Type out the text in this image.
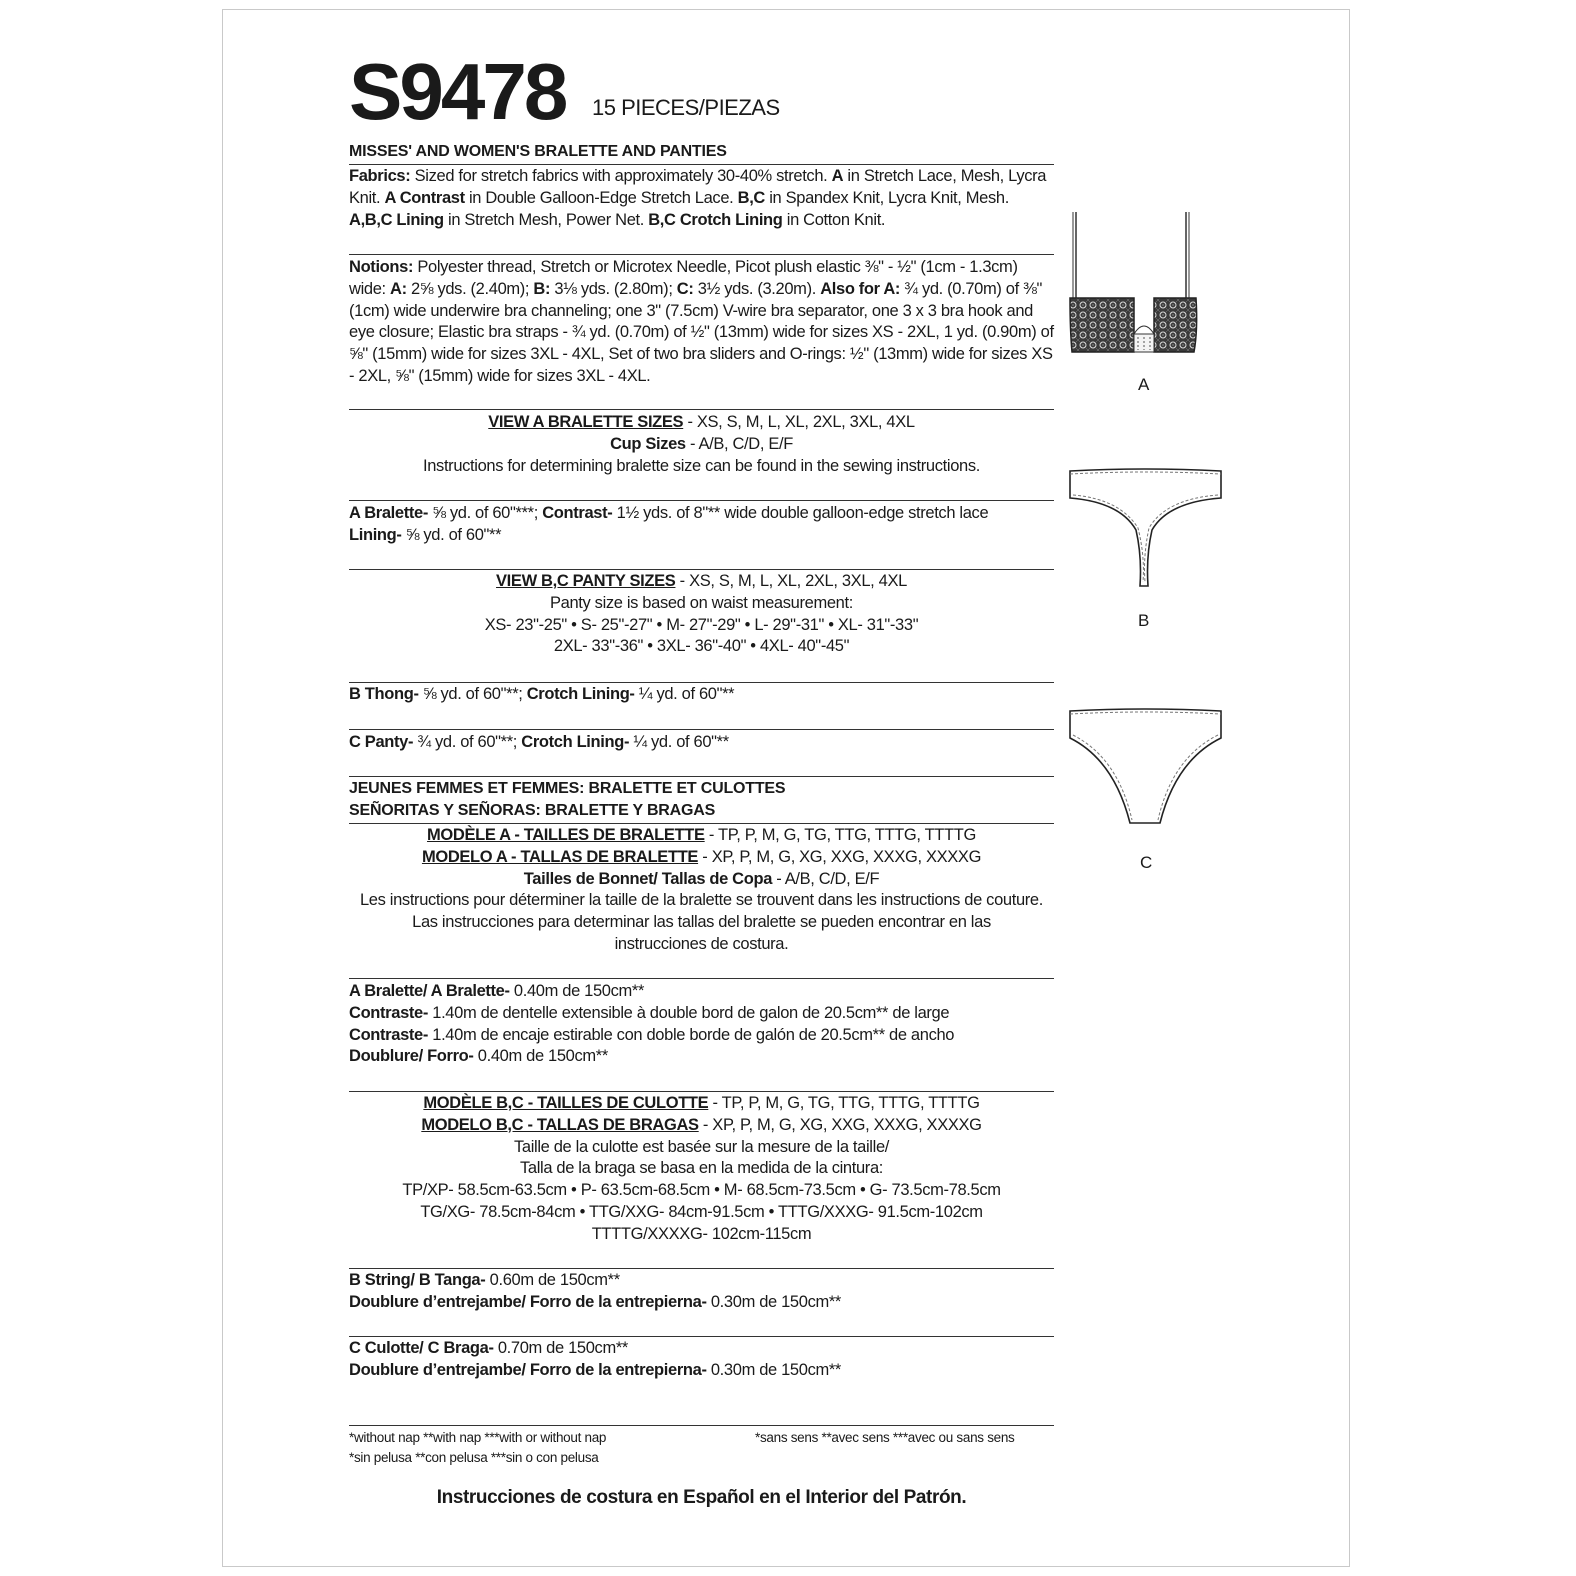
S9478 15 PIECES/PIEZAS
MISSES' AND WOMEN'S BRALETTE AND PANTIES
Fabrics: Sized for stretch fabrics with approximately 30-40% stretch. A in Stretch Lace, Mesh, Lycra Knit. A Contrast in Double Galloon-Edge Stretch Lace. B,C in Spandex Knit, Lycra Knit, Mesh. A,B,C Lining in Stretch Mesh, Power Net. B,C Crotch Lining in Cotton Knit.
Notions: Polyester thread, Stretch or Microtex Needle, Picot plush elastic ⅜" - ½" (1cm - 1.3cm) wide: A: 2⅝ yds. (2.40m); B: 3⅛ yds. (2.80m); C: 3½ yds. (3.20m). Also for A: ¾ yd. (0.70m) of ⅜" (1cm) wide underwire bra channeling; one 3" (7.5cm) V-wire bra separator, one 3 x 3 bra hook and eye closure; Elastic bra straps - ¾ yd. (0.70m) of ½" (13mm) wide for sizes XS - 2XL, 1 yd. (0.90m) of ⅝" (15mm) wide for sizes 3XL - 4XL, Set of two bra sliders and O-rings: ½" (13mm) wide for sizes XS - 2XL, ⅝" (15mm) wide for sizes 3XL - 4XL.
VIEW A BRALETTE SIZES - XS, S, M, L, XL, 2XL, 3XL, 4XL
Cup Sizes - A/B, C/D, E/F
Instructions for determining bralette size can be found in the sewing instructions.
A Bralette- ⅝ yd. of 60"***; Contrast- 1½ yds. of 8"** wide double galloon-edge stretch lace
Lining- ⅝ yd. of 60"**
VIEW B,C PANTY SIZES - XS, S, M, L, XL, 2XL, 3XL, 4XL
Panty size is based on waist measurement:
XS- 23"-25" • S- 25"-27" • M- 27"-29" • L- 29"-31" • XL- 31"-33"
2XL- 33"-36" • 3XL- 36"-40" • 4XL- 40"-45"
B Thong- ⅝ yd. of 60"**; Crotch Lining- ¼ yd. of 60"**
C Panty- ¾ yd. of 60"**; Crotch Lining- ¼ yd. of 60"**
JEUNES FEMMES ET FEMMES: BRALETTE ET CULOTTES
SEÑORITAS Y SEÑORAS: BRALETTE Y BRAGAS
MODÈLE A - TAILLES DE BRALETTE - TP, P, M, G, TG, TTG, TTTG, TTTTG
MODELO A - TALLAS DE BRALETTE - XP, P, M, G, XG, XXG, XXXG, XXXXG
Tailles de Bonnet/ Tallas de Copa - A/B, C/D, E/F
Les instructions pour déterminer la taille de la bralette se trouvent dans les instructions de couture.
Las instrucciones para determinar las tallas del bralette se pueden encontrar en las
instrucciones de costura.
A Bralette/ A Bralette- 0.40m de 150cm**
Contraste- 1.40m de dentelle extensible à double bord de galon de 20.5cm** de large
Contraste- 1.40m de encaje estirable con doble borde de galón de 20.5cm** de ancho
Doublure/ Forro- 0.40m de 150cm**
MODÈLE B,C - TAILLES DE CULOTTE - TP, P, M, G, TG, TTG, TTTG, TTTTG
MODELO B,C - TALLAS DE BRAGAS - XP, P, M, G, XG, XXG, XXXG, XXXXG
Taille de la culotte est basée sur la mesure de la taille/
Talla de la braga se basa en la medida de la cintura:
TP/XP- 58.5cm-63.5cm • P- 63.5cm-68.5cm • M- 68.5cm-73.5cm • G- 73.5cm-78.5cm
TG/XG- 78.5cm-84cm • TTG/XXG- 84cm-91.5cm • TTTG/XXXG- 91.5cm-102cm
TTTTG/XXXXG- 102cm-115cm
B String/ B Tanga- 0.60m de 150cm**
Doublure d’entrejambe/ Forro de la entrepierna- 0.30m de 150cm**
C Culotte/ C Braga- 0.70m de 150cm**
Doublure d’entrejambe/ Forro de la entrepierna- 0.30m de 150cm**
*without nap **with nap ***with or without nap	*sans sens **avec sens ***avec ou sans sens
*sin pelusa **con pelusa ***sin o con pelusa
Instrucciones de costura en Español en el Interior del Patrón.
A
B
C
